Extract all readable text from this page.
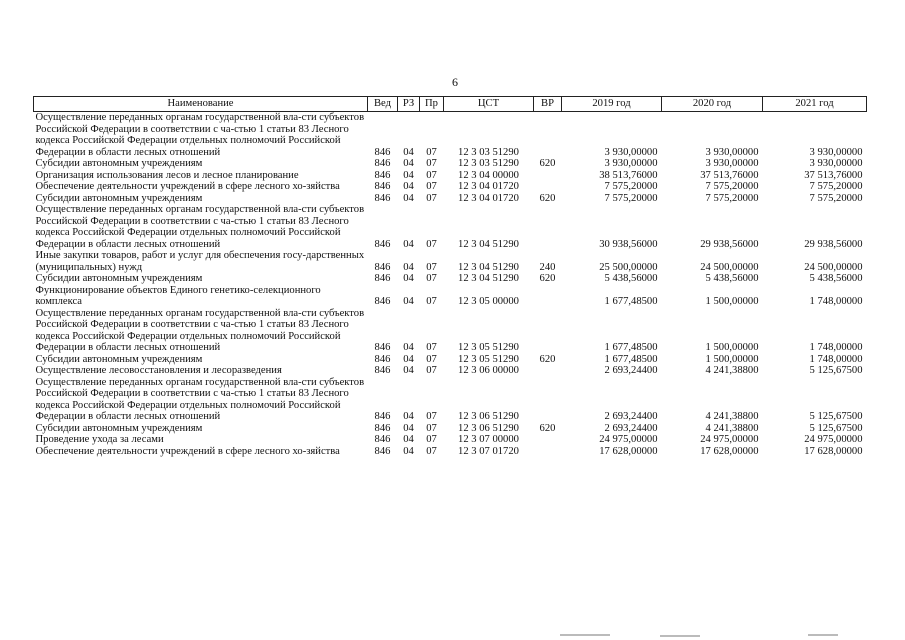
6
Наименование	Вед	РЗ	Пр	ЦСТ	ВР	2019 год	2020 год	2021 год
Осуществление переданных органам государственной вла-сти субъектов Российской Федерации в соответствии с ча-стью 1 статьи 83 Лесного кодекса Российской Федерации отдельных полномочий Российской Федерации в области лесных отношений	846	04	07	12 3 03 51290		3 930,00000	3 930,00000	3 930,00000
Субсидии автономным учреждениям	846	04	07	12 3 03 51290	620	3 930,00000	3 930,00000	3 930,00000
Организация использования лесов и лесное планирование	846	04	07	12 3 04 00000		38 513,76000	37 513,76000	37 513,76000
Обеспечение деятельности учреждений в сфере лесного хо-зяйства	846	04	07	12 3 04 01720		7 575,20000	7 575,20000	7 575,20000
Субсидии автономным учреждениям	846	04	07	12 3 04 01720	620	7 575,20000	7 575,20000	7 575,20000
Осуществление переданных органам государственной вла-сти субъектов Российской Федерации в соответствии с ча-стью 1 статьи 83 Лесного кодекса Российской Федерации отдельных полномочий Российской Федерации в области лесных отношений	846	04	07	12 3 04 51290		30 938,56000	29 938,56000	29 938,56000
Иные закупки товаров, работ и услуг для обеспечения госу-дарственных (муниципальных) нужд	846	04	07	12 3 04 51290	240	25 500,00000	24 500,00000	24 500,00000
Субсидии автономным учреждениям	846	04	07	12 3 04 51290	620	5 438,56000	5 438,56000	5 438,56000
Функционирование объектов Единого генетико-селекционного комплекса	846	04	07	12 3 05 00000		1 677,48500	1 500,00000	1 748,00000
Осуществление переданных органам государственной вла-сти субъектов Российской Федерации в соответствии с ча-стью 1 статьи 83 Лесного кодекса Российской Федерации отдельных полномочий Российской Федерации в области лесных отношений	846	04	07	12 3 05 51290		1 677,48500	1 500,00000	1 748,00000
Субсидии автономным учреждениям	846	04	07	12 3 05 51290	620	1 677,48500	1 500,00000	1 748,00000
Осуществление лесовосстановления и лесоразведения	846	04	07	12 3 06 00000		2 693,24400	4 241,38800	5 125,67500
Осуществление переданных органам государственной вла-сти субъектов Российской Федерации в соответствии с ча-стью 1 статьи 83 Лесного кодекса Российской Федерации отдельных полномочий Российской Федерации в области лесных отношений	846	04	07	12 3 06 51290		2 693,24400	4 241,38800	5 125,67500
Субсидии автономным учреждениям	846	04	07	12 3 06 51290	620	2 693,24400	4 241,38800	5 125,67500
Проведение ухода за лесами	846	04	07	12 3 07 00000		24 975,00000	24 975,00000	24 975,00000
Обеспечение деятельности учреждений в сфере лесного хо-зяйства	846	04	07	12 3 07 01720		17 628,00000	17 628,00000	17 628,00000
